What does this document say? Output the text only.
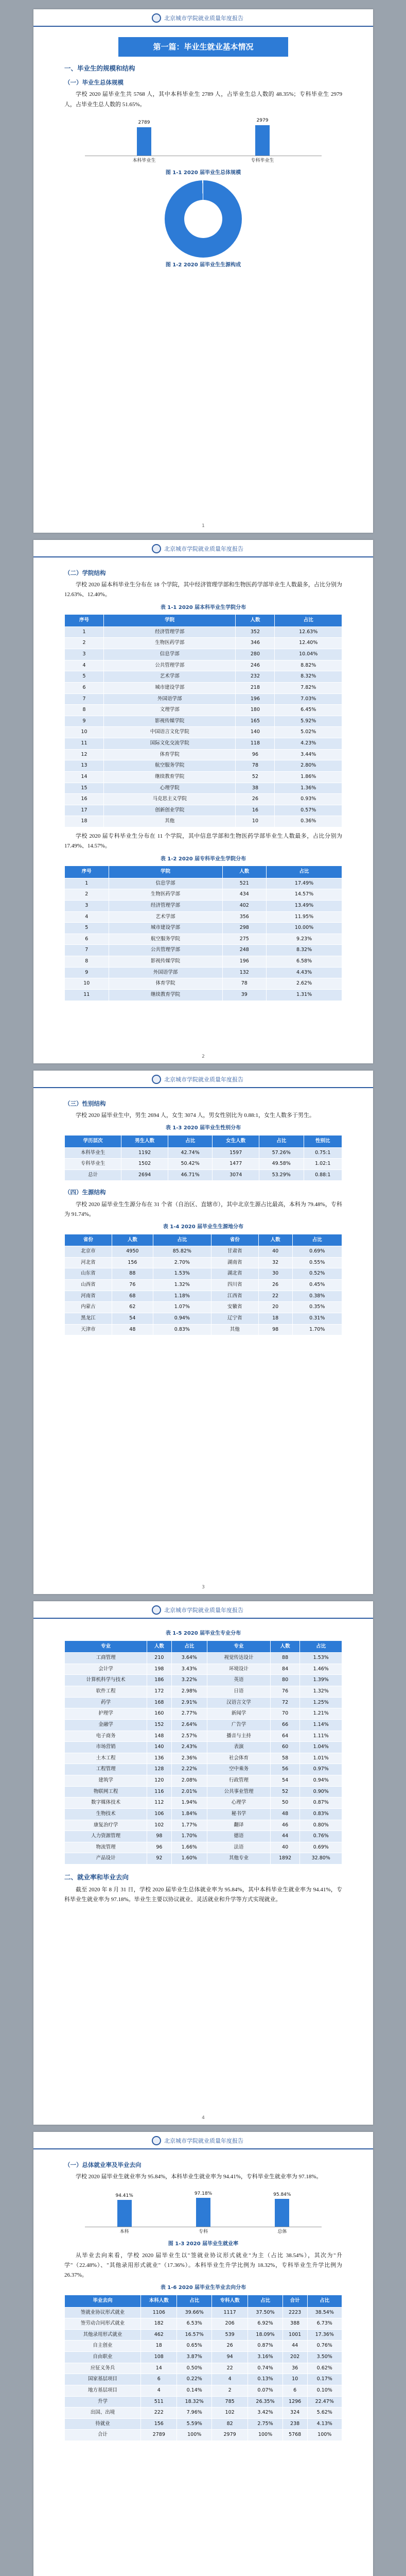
北京城市学院就业质量年度报告
第一篇：毕业生就业基本情况
一、毕业生的规模和结构
（一）毕业生总体规模
学校 2020 届毕业生共 5768 人，其中本科毕业生 2789 人，占毕业生总人数的 48.35%；专科毕业生 2979 人，占毕业生总人数的 51.65%。
2789	2979
本科毕业生	专科毕业生
图 1-1 2020 届毕业生总体规模
图 1-2 2020 届毕业生生源构成
1
北京城市学院就业质量年度报告
（二）学院结构
学校 2020 届本科毕业生分布在 18 个学院，其中经济管理学部和生物医药学部毕业生人数最多，占比分别为 12.63%、12.40%。
表 1-1 2020 届本科毕业生学院分布
序号	学院	人数	占比
1	经济管理学部	352	12.63%
2	生物医药学部	346	12.40%
3	信息学部	280	10.04%
4	公共管理学部	246	8.82%
5	艺术学部	232	8.32%
6	城市建设学部	218	7.82%
7	外国语学部	196	7.03%
8	文理学部	180	6.45%
9	影视传媒学院	165	5.92%
10	中国语言文化学院	140	5.02%
11	国际文化交流学院	118	4.23%
12	体育学院	96	3.44%
13	航空服务学院	78	2.80%
14	继续教育学院	52	1.86%
15	心理学院	38	1.36%
16	马克思主义学院	26	0.93%
17	创新创业学院	16	0.57%
18	其他	10	0.36%
学校 2020 届专科毕业生分布在 11 个学院，其中信息学部和生物医药学部毕业生人数最多，占比分别为 17.49%、14.57%。
表 1-2 2020 届专科毕业生学院分布
序号	学院	人数	占比
1	信息学部	521	17.49%
2	生物医药学部	434	14.57%
3	经济管理学部	402	13.49%
4	艺术学部	356	11.95%
5	城市建设学部	298	10.00%
6	航空服务学院	275	9.23%
7	公共管理学部	248	8.32%
8	影视传媒学院	196	6.58%
9	外国语学部	132	4.43%
10	体育学院	78	2.62%
11	继续教育学院	39	1.31%
2
北京城市学院就业质量年度报告
（三）性别结构
学校 2020 届毕业生中，男生 2694 人，女生 3074 人，男女性别比为 0.88:1，女生人数多于男生。
表 1-3 2020 届毕业生性别分布
学历层次	男生人数	占比	女生人数	占比	性别比
本科毕业生	1192	42.74%	1597	57.26%	0.75:1
专科毕业生	1502	50.42%	1477	49.58%	1.02:1
总计	2694	46.71%	3074	53.29%	0.88:1
（四）生源结构
学校 2020 届毕业生生源分布在 31 个省（自治区、直辖市），其中北京生源占比最高，本科为 79.48%，专科为 91.74%。
表 1-4 2020 届毕业生生源地分布
省份	人数	占比	省份	人数	占比
北京市	4950	85.82%	甘肃省	40	0.69%
河北省	156	2.70%	湖南省	32	0.55%
山东省	88	1.53%	湖北省	30	0.52%
山西省	76	1.32%	四川省	26	0.45%
河南省	68	1.18%	江西省	22	0.38%
内蒙古	62	1.07%	安徽省	20	0.35%
黑龙江	54	0.94%	辽宁省	18	0.31%
天津市	48	0.83%	其他	98	1.70%
3
北京城市学院就业质量年度报告
表 1-5 2020 届毕业生专业分布
专业	人数	占比	专业	人数	占比
工商管理	210	3.64%	视觉传达设计	88	1.53%
会计学	198	3.43%	环境设计	84	1.46%
计算机科学与技术	186	3.22%	英语	80	1.39%
软件工程	172	2.98%	日语	76	1.32%
药学	168	2.91%	汉语言文学	72	1.25%
护理学	160	2.77%	新闻学	70	1.21%
金融学	152	2.64%	广告学	66	1.14%
电子商务	148	2.57%	播音与主持	64	1.11%
市场营销	140	2.43%	表演	60	1.04%
土木工程	136	2.36%	社会体育	58	1.01%
工程管理	128	2.22%	空中乘务	56	0.97%
建筑学	120	2.08%	行政管理	54	0.94%
物联网工程	116	2.01%	公共事业管理	52	0.90%
数字媒体技术	112	1.94%	心理学	50	0.87%
生物技术	106	1.84%	秘书学	48	0.83%
康复治疗学	102	1.77%	翻译	46	0.80%
人力资源管理	98	1.70%	德语	44	0.76%
物流管理	96	1.66%	法语	40	0.69%
产品设计	92	1.60%	其他专业	1892	32.80%
二、就业率和毕业去向
截至 2020 年 8 月 31 日，学校 2020 届毕业生总体就业率为 95.84%，其中本科毕业生就业率为 94.41%，专科毕业生就业率为 97.18%。毕业生主要以协议就业、灵活就业和升学等方式实现就业。
4
北京城市学院就业质量年度报告
（一）总体就业率及毕业去向
学校 2020 届毕业生就业率为 95.84%，本科毕业生就业率为 94.41%，专科毕业生就业率为 97.18%。
94.41%	97.18%	95.84%
本科	专科	总体
图 1-3 2020 届毕业生就业率
从毕业去向来看，学校 2020 届毕业生以"签就业协议形式就业"为主（占比 38.54%），其次为"升学"（22.48%）、"其他录用形式就业"（17.36%）。本科毕业生升学比例为 18.32%，专科毕业生升学比例为 26.37%。
表 1-6 2020 届毕业生毕业去向分布
毕业去向	本科人数	占比	专科人数	占比	合计	占比
签就业协议形式就业	1106	39.66%	1117	37.50%	2223	38.54%
签劳动合同形式就业	182	6.53%	206	6.92%	388	6.73%
其他录用形式就业	462	16.57%	539	18.09%	1001	17.36%
自主创业	18	0.65%	26	0.87%	44	0.76%
自由职业	108	3.87%	94	3.16%	202	3.50%
应征义务兵	14	0.50%	22	0.74%	36	0.62%
国家基层项目	6	0.22%	4	0.13%	10	0.17%
地方基层项目	4	0.14%	2	0.07%	6	0.10%
升学	511	18.32%	785	26.35%	1296	22.47%
出国、出境	222	7.96%	102	3.42%	324	5.62%
待就业	156	5.59%	82	2.75%	238	4.13%
合计	2789	100%	2979	100%	5768	100%
